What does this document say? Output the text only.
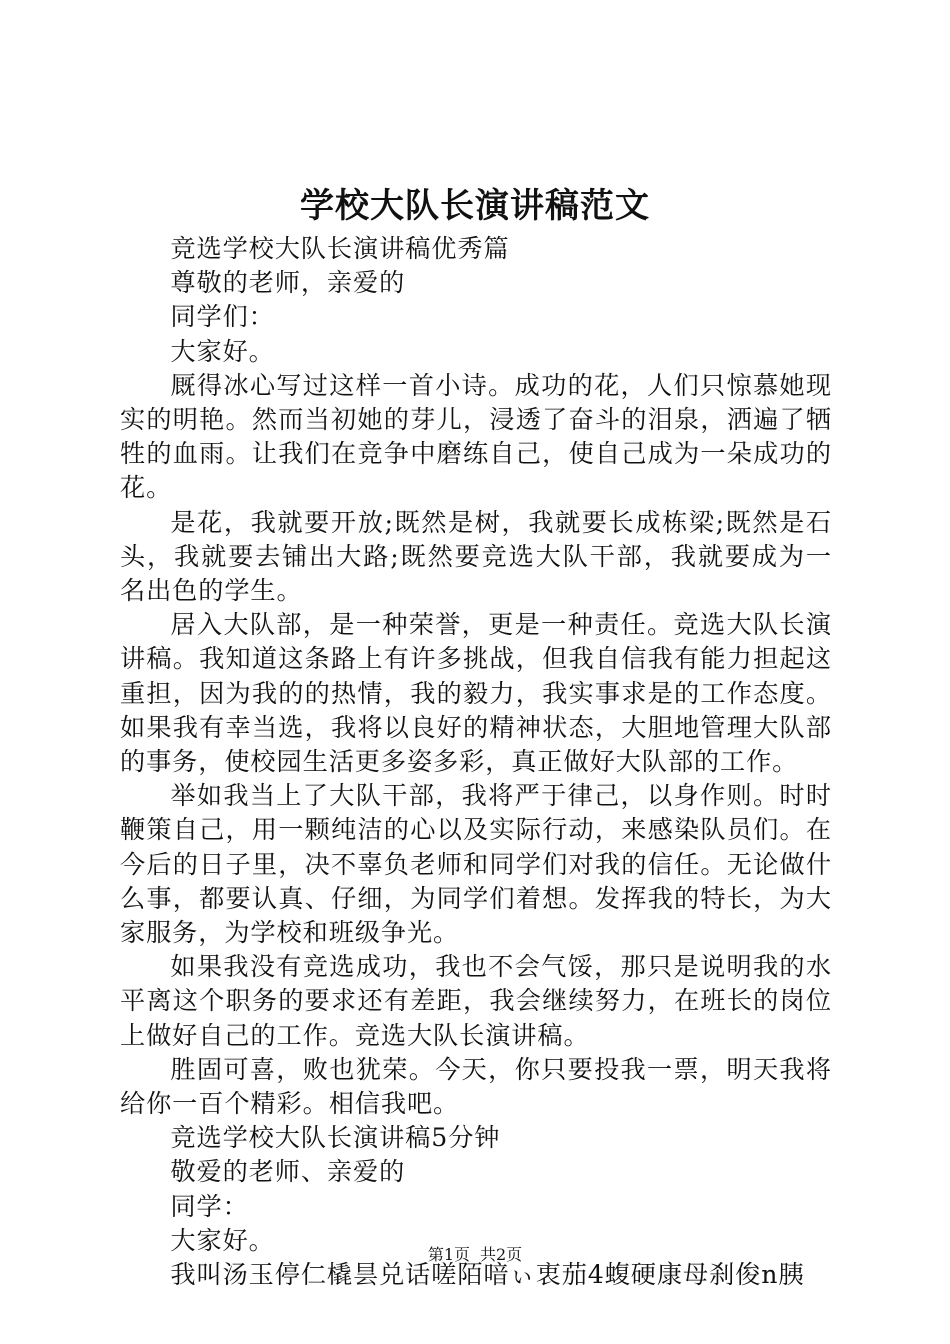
学校大队长演讲稿范文

竞选学校大队长演讲稿优秀篇

尊敬的老师，亲爱的

同学们：

大家好。

厩得冰心写过这样一首小诗。成功的花，人们只惊慕她现实的明艳。然而当初她的芽儿，浸透了奋斗的泪泉，洒遍了牺牲的血雨。让我们在竞争中磨练自己，使自己成为一朵成功的花。

是花，我就要开放;既然是树，我就要长成栋梁;既然是石头，我就要去铺出大路;既然要竞选大队干部，我就要成为一名出色的学生。

居入大队部，是一种荣誉，更是一种责任。竞选大队长演讲稿。我知道这条路上有许多挑战，但我自信我有能力担起这重担，因为我的的热情，我的毅力，我实事求是的工作态度。如果我有幸当选，我将以良好的精神状态，大胆地管理大队部的事务，使校园生活更多姿多彩，真正做好大队部的工作。

举如我当上了大队干部，我将严于律己，以身作则。时时鞭策自己，用一颗纯洁的心以及实际行动，来感染队员们。在今后的日子里，决不辜负老师和同学们对我的信任。无论做什么事，都要认真、仔细，为同学们着想。发挥我的特长，为大家服务，为学校和班级争光。

如果我没有竞选成功，我也不会气馁，那只是说明我的水平离这个职务的要求还有差距，我会继续努力，在班长的岗位上做好自己的工作。竞选大队长演讲稿。

胜固可喜，败也犹荣。今天，你只要投我一票，明天我将给你一百个精彩。相信我吧。

竞选学校大队长演讲稿5分钟

敬爱的老师、亲爱的

同学：

大家好。

我叫汤玉停仁橇昙兑话嗟陌喑ぃ衷茄4蝮硬康母刹俊n胰

第1页 共2页
